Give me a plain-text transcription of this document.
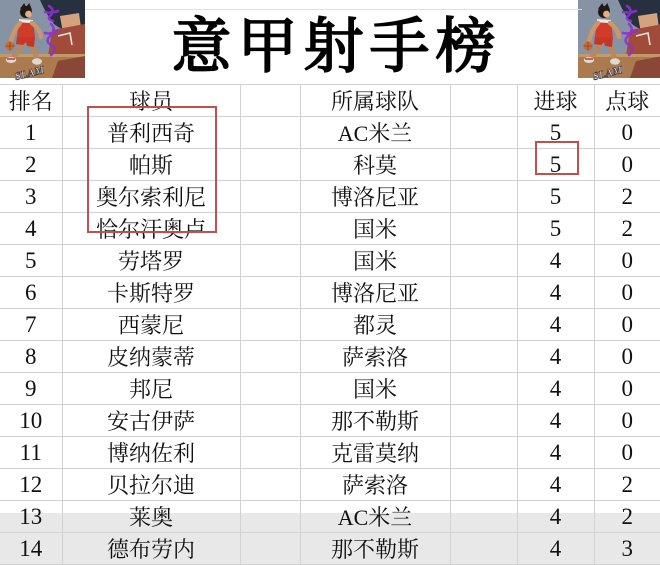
意甲射手榜
排名	球员		所属球队		进球	点球
1	普利西奇		AC米兰		5	0
2	帕斯		科莫		5	0
3	奥尔索利尼		博洛尼亚		5	2
4	恰尔汗奥卢		国米		5	2
5	劳塔罗		国米		4	0
6	卡斯特罗		博洛尼亚		4	0
7	西蒙尼		都灵		4	0
8	皮纳蒙蒂		萨索洛		4	0
9	邦尼		国米		4	0
10	安古伊萨		那不勒斯		4	0
11	博纳佐利		克雷莫纳		4	0
12	贝拉尔迪		萨索洛		4	2
13	莱奥		AC米兰		4	2
14	德布劳内		那不勒斯		4	3
